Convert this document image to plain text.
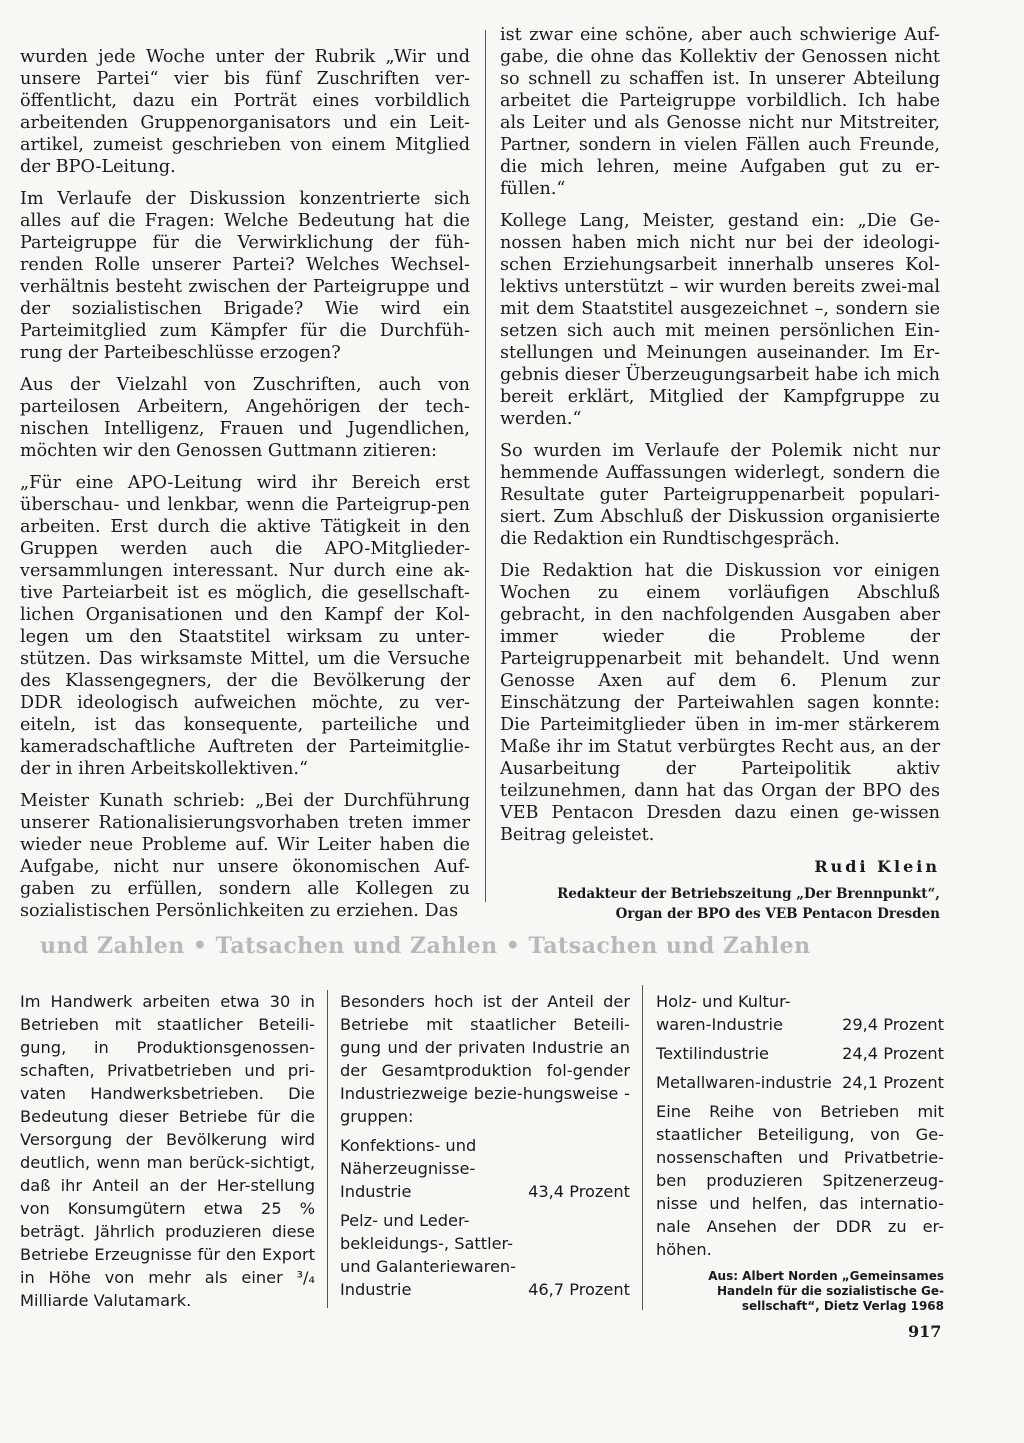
wurden jede Woche unter der Rubrik „Wir und unsere Partei“ vier bis fünf Zuschriften ver-öffentlicht, dazu ein Porträt eines vorbildlich arbeitenden Gruppenorganisators und ein Leit-artikel, zumeist geschrieben von einem Mitglied der BPO-Leitung.

Im Verlaufe der Diskussion konzentrierte sich alles auf die Fragen: Welche Bedeutung hat die Parteigruppe für die Verwirklichung der füh-renden Rolle unserer Partei? Welches Wechsel-verhältnis besteht zwischen der Parteigruppe und der sozialistischen Brigade? Wie wird ein Parteimitglied zum Kämpfer für die Durchfüh-rung der Parteibeschlüsse erzogen?

Aus der Vielzahl von Zuschriften, auch von parteilosen Arbeitern, Angehörigen der tech-nischen Intelligenz, Frauen und Jugendlichen, möchten wir den Genossen Guttmann zitieren:

„Für eine APO-Leitung wird ihr Bereich erst überschau- und lenkbar, wenn die Parteigrup-pen arbeiten. Erst durch die aktive Tätigkeit in den Gruppen werden auch die APO-Mitglieder-versammlungen interessant. Nur durch eine ak-tive Parteiarbeit ist es möglich, die gesellschaft-lichen Organisationen und den Kampf der Kol-legen um den Staatstitel wirksam zu unter-stützen. Das wirksamste Mittel, um die Versuche des Klassengegners, der die Bevölkerung der DDR ideologisch aufweichen möchte, zu ver-eiteln, ist das konsequente, parteiliche und kameradschaftliche Auftreten der Parteimitglie-der in ihren Arbeitskollektiven.“

Meister Kunath schrieb: „Bei der Durchführung unserer Rationalisierungsvorhaben treten immer wieder neue Probleme auf. Wir Leiter haben die Aufgabe, nicht nur unsere ökonomischen Auf-gaben zu erfüllen, sondern alle Kollegen zu sozialistischen Persönlichkeiten zu erziehen. Das

ist zwar eine schöne, aber auch schwierige Auf-gabe, die ohne das Kollektiv der Genossen nicht so schnell zu schaffen ist. In unserer Abteilung arbeitet die Parteigruppe vorbildlich. Ich habe als Leiter und als Genosse nicht nur Mitstreiter, Partner, sondern in vielen Fällen auch Freunde, die mich lehren, meine Aufgaben gut zu er-füllen.“

Kollege Lang, Meister, gestand ein: „Die Ge-nossen haben mich nicht nur bei der ideologi-schen Erziehungsarbeit innerhalb unseres Kol-lektivs unterstützt – wir wurden bereits zwei-mal mit dem Staatstitel ausgezeichnet –, sondern sie setzen sich auch mit meinen persönlichen Ein-stellungen und Meinungen auseinander. Im Er-gebnis dieser Überzeugungsarbeit habe ich mich bereit erklärt, Mitglied der Kampfgruppe zu werden.“

So wurden im Verlaufe der Polemik nicht nur hemmende Auffassungen widerlegt, sondern die Resultate guter Parteigruppenarbeit populari-siert. Zum Abschluß der Diskussion organisierte die Redaktion ein Rundtischgespräch.

Die Redaktion hat die Diskussion vor einigen Wochen zu einem vorläufigen Abschluß gebracht, in den nachfolgenden Ausgaben aber immer wieder die Probleme der Parteigruppenarbeit mit behandelt. Und wenn Genosse Axen auf dem 6. Plenum zur Einschätzung der Parteiwahlen sagen konnte: Die Parteimitglieder üben in im-mer stärkerem Maße ihr im Statut verbürgtes Recht aus, an der Ausarbeitung der Parteipolitik aktiv teilzunehmen, dann hat das Organ der BPO des VEB Pentacon Dresden dazu einen ge-wissen Beitrag geleistet.

Rudi Klein
Redakteur der Betriebszeitung „Der Brennpunkt“,
Organ der BPO des VEB Pentacon Dresden
und Zahlen • Tatsachen und Zahlen • Tatsachen und Zahlen
Im Handwerk arbeiten etwa 30 in Betrieben mit staatlicher Beteili-gung, in Produktionsgenossen-schaften, Privatbetrieben und pri-vaten Handwerksbetrieben. Die Bedeutung dieser Betriebe für die Versorgung der Bevölkerung wird deutlich, wenn man berück-sichtigt, daß ihr Anteil an der Her-stellung von Konsumgütern etwa 25 % beträgt. Jährlich produzieren diese Betriebe Erzeugnisse für den Export in Höhe von mehr als einer ³/₄ Milliarde Valutamark.
Besonders hoch ist der Anteil der Betriebe mit staatlicher Beteili-gung und der privaten Industrie an der Gesamtproduktion fol-gender Industriezweige bezie-hungsweise -gruppen:
Konfektions- und Näherzeugnisse-Industrie	43,4 Prozent
Pelz- und Leder-bekleidungs-, Sattler- und Galanteriewaren-Industrie	46,7 Prozent
Holz- und Kultur-waren-Industrie	29,4 Prozent
Textilindustrie	24,4 Prozent
Metallwaren-industrie	24,1 Prozent
Eine Reihe von Betrieben mit staatlicher Beteiligung, von Ge-nossenschaften und Privatbetrie-ben produzieren Spitzenerzeug-nisse und helfen, das internatio-nale Ansehen der DDR zu er-höhen.
Aus: Albert Norden „Gemeinsames Handeln für die sozialistische Ge-sellschaft“, Dietz Verlag 1968
917
